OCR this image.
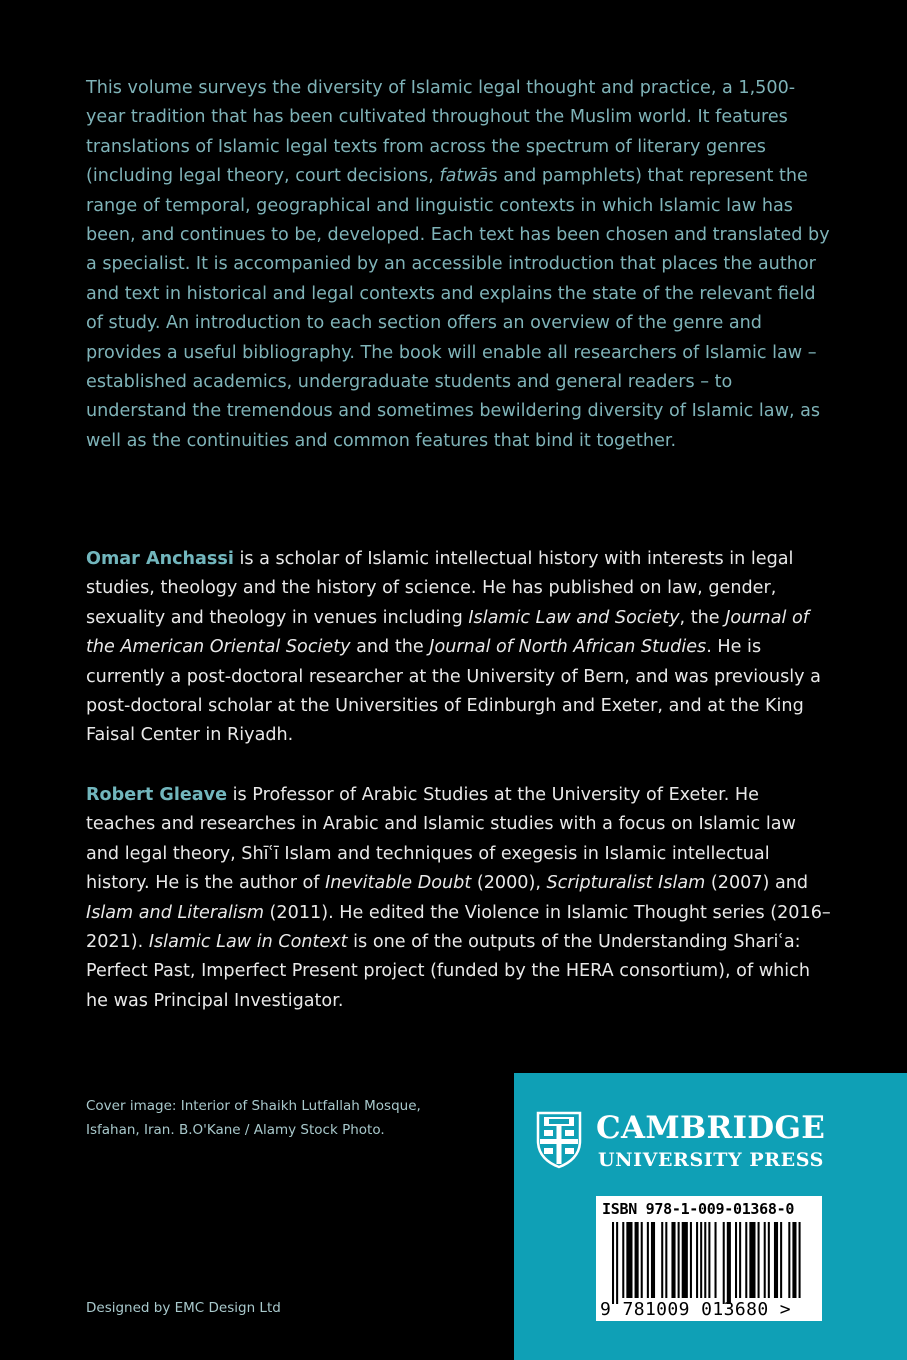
This volume surveys the diversity of Islamic legal thought and practice, a 1,500-year tradition that has been cultivated throughout the Muslim world. It features translations of Islamic legal texts from across the spectrum of literary genres (including legal theory, court decisions, fatwās and pamphlets) that represent the range of temporal, geographical and linguistic contexts in which Islamic law has been, and continues to be, developed. Each text has been chosen and translated by a specialist. It is accompanied by an accessible introduction that places the author and text in historical and legal contexts and explains the state of the relevant field of study. An introduction to each section offers an overview of the genre and provides a useful bibliography. The book will enable all researchers of Islamic law – established academics, undergraduate students and general readers – to understand the tremendous and sometimes bewildering diversity of Islamic law, as well as the continuities and common features that bind it together.

Omar Anchassi is a scholar of Islamic intellectual history with interests in legal studies, theology and the history of science. He has published on law, gender, sexuality and theology in venues including Islamic Law and Society, the Journal of the American Oriental Society and the Journal of North African Studies. He is currently a post-doctoral researcher at the University of Bern, and was previously a post-doctoral scholar at the Universities of Edinburgh and Exeter, and at the King Faisal Center in Riyadh.

Robert Gleave is Professor of Arabic Studies at the University of Exeter. He teaches and researches in Arabic and Islamic studies with a focus on Islamic law and legal theory, Shīʿī Islam and techniques of exegesis in Islamic intellectual history. He is the author of Inevitable Doubt (2000), Scripturalist Islam (2007) and Islam and Literalism (2011). He edited the Violence in Islamic Thought series (2016–2021). Islamic Law in Context is one of the outputs of the Understanding Shariʿa: Perfect Past, Imperfect Present project (funded by the HERA consortium), of which he was Principal Investigator.

Cover image: Interior of Shaikh Lutfallah Mosque,
Isfahan, Iran. B.O'Kane / Alamy Stock Photo.

Designed by EMC Design Ltd

CAMBRIDGE
UNIVERSITY PRESS
ISBN 978-1-009-01368-0
9 781009 013680 >
